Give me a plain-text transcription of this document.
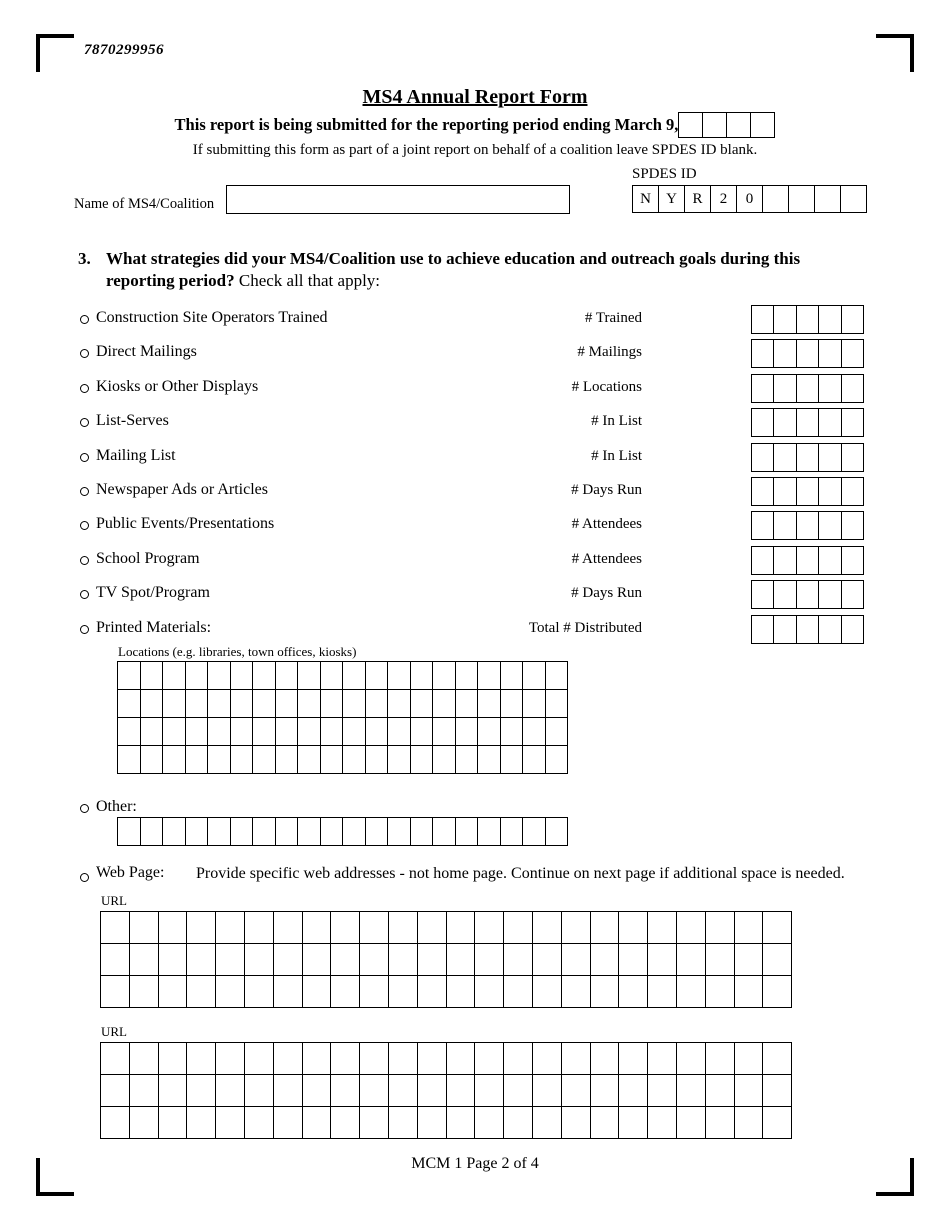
7870299956
MS4 Annual Report Form
This report is being submitted for the reporting period ending March 9,
If submitting this form as part of a joint report on behalf of a coalition leave SPDES ID blank.
SPDES ID
N	Y	R	2	0
Name of MS4/Coalition
3. What strategies did your MS4/Coalition use to achieve education and outreach goals during this reporting period? Check all that apply:
Construction Site Operators Trained	# Trained
Direct Mailings	# Mailings
Kiosks or Other Displays	# Locations
List-Serves	# In List
Mailing List	# In List
Newspaper Ads or Articles	# Days Run
Public Events/Presentations	# Attendees
School Program	# Attendees
TV Spot/Program	# Days Run
Printed Materials:	Total # Distributed
Locations (e.g. libraries, town offices, kiosks)
Other:
Web Page: Provide specific web addresses - not home page. Continue on next page if additional space is needed.
URL
URL
MCM 1 Page 2 of 4
